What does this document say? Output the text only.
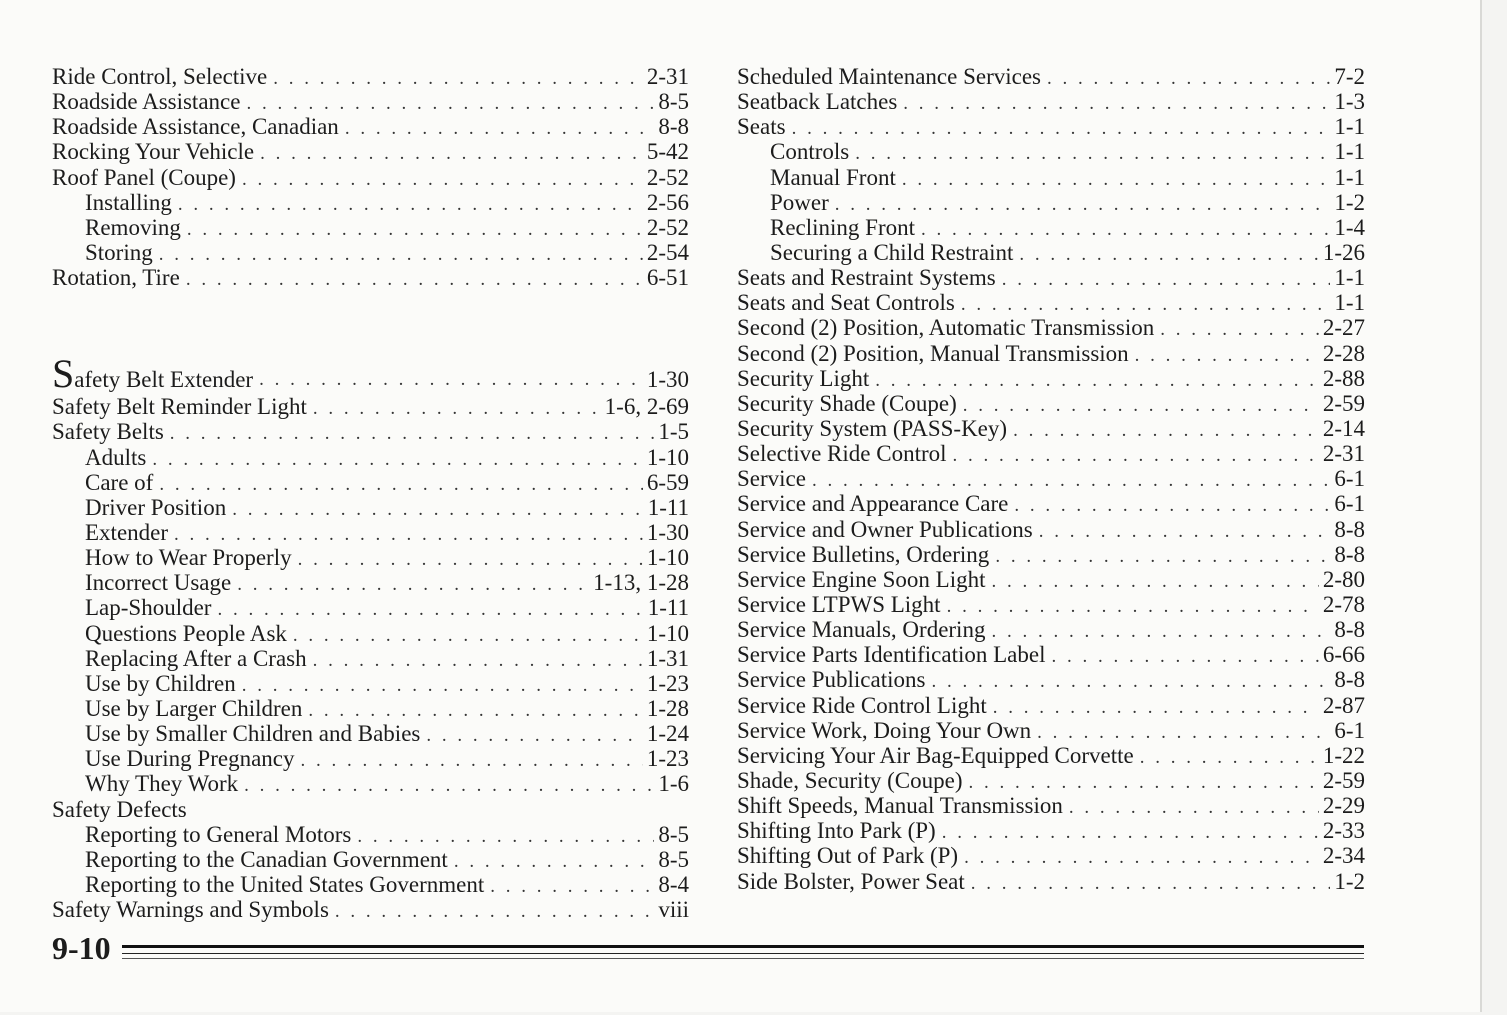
Ride Control, Selective . . .	2-31
Roadside Assistance . . .	8-5
Roadside Assistance, Canadian . . .	8-8
Rocking Your Vehicle . . .	5-42
Roof Panel (Coupe) . . .	2-52
Installing . . .	2-56
Removing . . .	2-52
Storing . . .	2-54
Rotation, Tire . . .	6-51
Safety Belt Extender . . .	1-30
Safety Belt Reminder Light . . .	1-6, 2-69
Safety Belts . . .	1-5
Adults . . .	1-10
Care of . . .	6-59
Driver Position . . .	1-11
Extender . . .	1-30
How to Wear Properly . . .	1-10
Incorrect Usage . . .	1-13, 1-28
Lap-Shoulder . . .	1-11
Questions People Ask . . .	1-10
Replacing After a Crash . . .	1-31
Use by Children . . .	1-23
Use by Larger Children . . .	1-28
Use by Smaller Children and Babies . . .	1-24
Use During Pregnancy . . .	1-23
Why They Work . . .	1-6
Safety Defects
Reporting to General Motors . . .	8-5
Reporting to the Canadian Government . . .	8-5
Reporting to the United States Government . . .	8-4
Safety Warnings and Symbols . . .	viii
Scheduled Maintenance Services . . .	7-2
Seatback Latches . . .	1-3
Seats . . .	1-1
Controls . . .	1-1
Manual Front . . .	1-1
Power . . .	1-2
Reclining Front . . .	1-4
Securing a Child Restraint . . .	1-26
Seats and Restraint Systems . . .	1-1
Seats and Seat Controls . . .	1-1
Second (2) Position, Automatic Transmission . . .	2-27
Second (2) Position, Manual Transmission . . .	2-28
Security Light . . .	2-88
Security Shade (Coupe) . . .	2-59
Security System (PASS-Key) . . .	2-14
Selective Ride Control . . .	2-31
Service . . .	6-1
Service and Appearance Care . . .	6-1
Service and Owner Publications . . .	8-8
Service Bulletins, Ordering . . .	8-8
Service Engine Soon Light . . .	2-80
Service LTPWS Light . . .	2-78
Service Manuals, Ordering . . .	8-8
Service Parts Identification Label . . .	6-66
Service Publications . . .	8-8
Service Ride Control Light . . .	2-87
Service Work, Doing Your Own . . .	6-1
Servicing Your Air Bag-Equipped Corvette . . .	1-22
Shade, Security (Coupe) . . .	2-59
Shift Speeds, Manual Transmission . . .	2-29
Shifting Into Park (P) . . .	2-33
Shifting Out of Park (P) . . .	2-34
Side Bolster, Power Seat . . .	1-2
9-10
